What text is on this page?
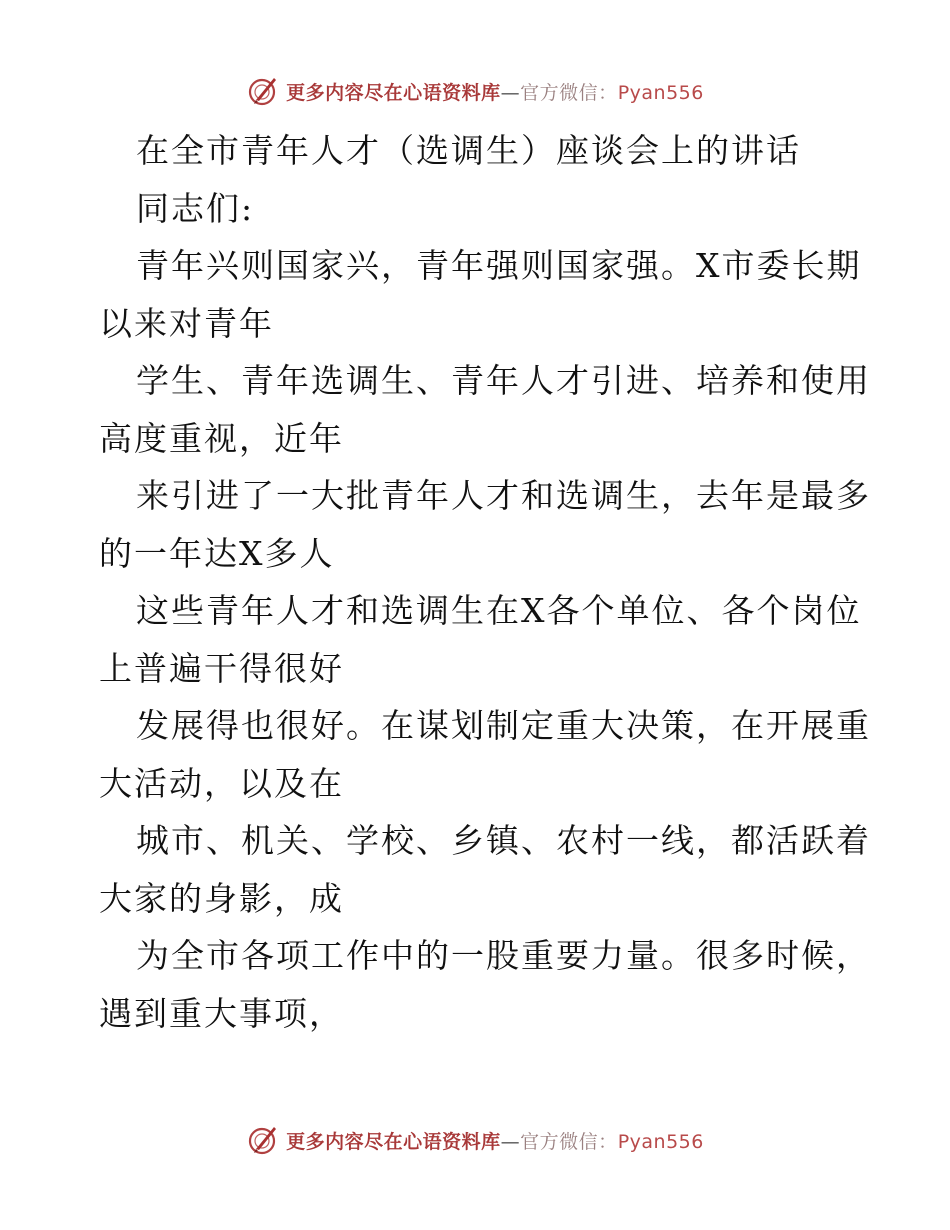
更多内容尽在心语资料库—官方微信：Pyan556
在全市青年人才（选调生）座谈会上的讲话
同志们:
青年兴则国家兴，青年强则国家强。X市委长期
以来对青年
学生、青年选调生、青年人才引进、培养和使用
高度重视，近年
来引进了一大批青年人才和选调生，去年是最多
的一年达X多人
这些青年人才和选调生在X各个单位、各个岗位
上普遍干得很好
发展得也很好。在谋划制定重大决策，在开展重
大活动，以及在
城市、机关、学校、乡镇、农村一线，都活跃着
大家的身影，成
为全市各项工作中的一股重要力量。很多时候，
遇到重大事项，
更多内容尽在心语资料库—官方微信：Pyan556
